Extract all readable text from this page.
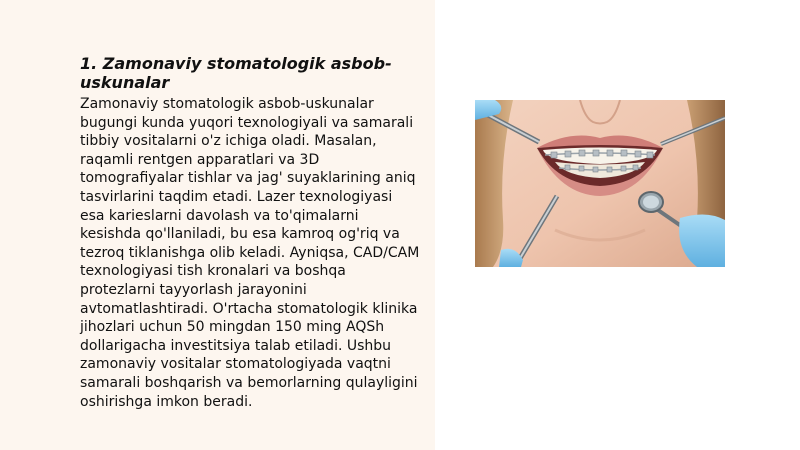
1. Zamonaviy stomatologik asbob-uskunalar

Zamonaviy stomatologik asbob-uskunalar bugungi kunda yuqori texnologiyali va samarali tibbiy vositalarni o'z ichiga oladi. Masalan, raqamli rentgen apparatlari va 3D tomografiyalar tishlar va jag' suyaklarining aniq tasvirlarini taqdim etadi. Lazer texnologiyasi esa karieslarni davolash va to'qimalarni kesishda qo'llaniladi, bu esa kamroq og'riq va tezroq tiklanishga olib keladi. Ayniqsa, CAD/CAM texnologiyasi tish kronalari va boshqa protezlarni tayyorlash jarayonini avtomatlashtiradi. O'rtacha stomatologik klinika jihozlari uchun 50 mingdan 150 ming AQSh dollarigacha investitsiya talab etiladi. Ushbu zamonaviy vositalar stomatologiyada vaqtni samarali boshqarish va bemorlarning qulayligini oshirishga imkon beradi.
